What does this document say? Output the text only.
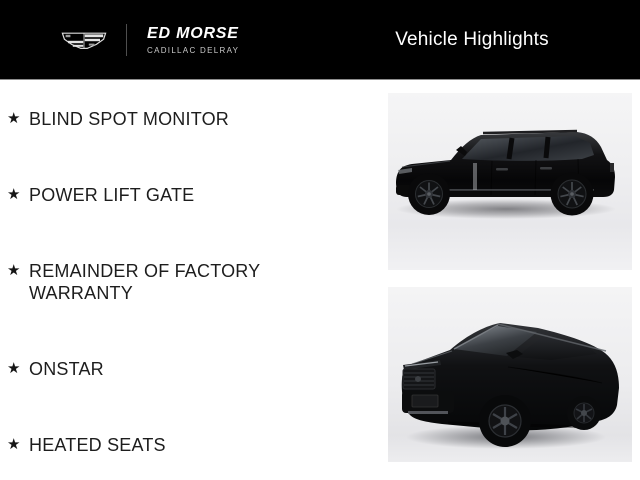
ED MORSE
CADILLAC DELRAY
Vehicle Highlights
★ BLIND SPOT MONITOR
★ POWER LIFT GATE
★ REMAINDER OF FACTORY WARRANTY
★ ONSTAR
★ HEATED SEATS
